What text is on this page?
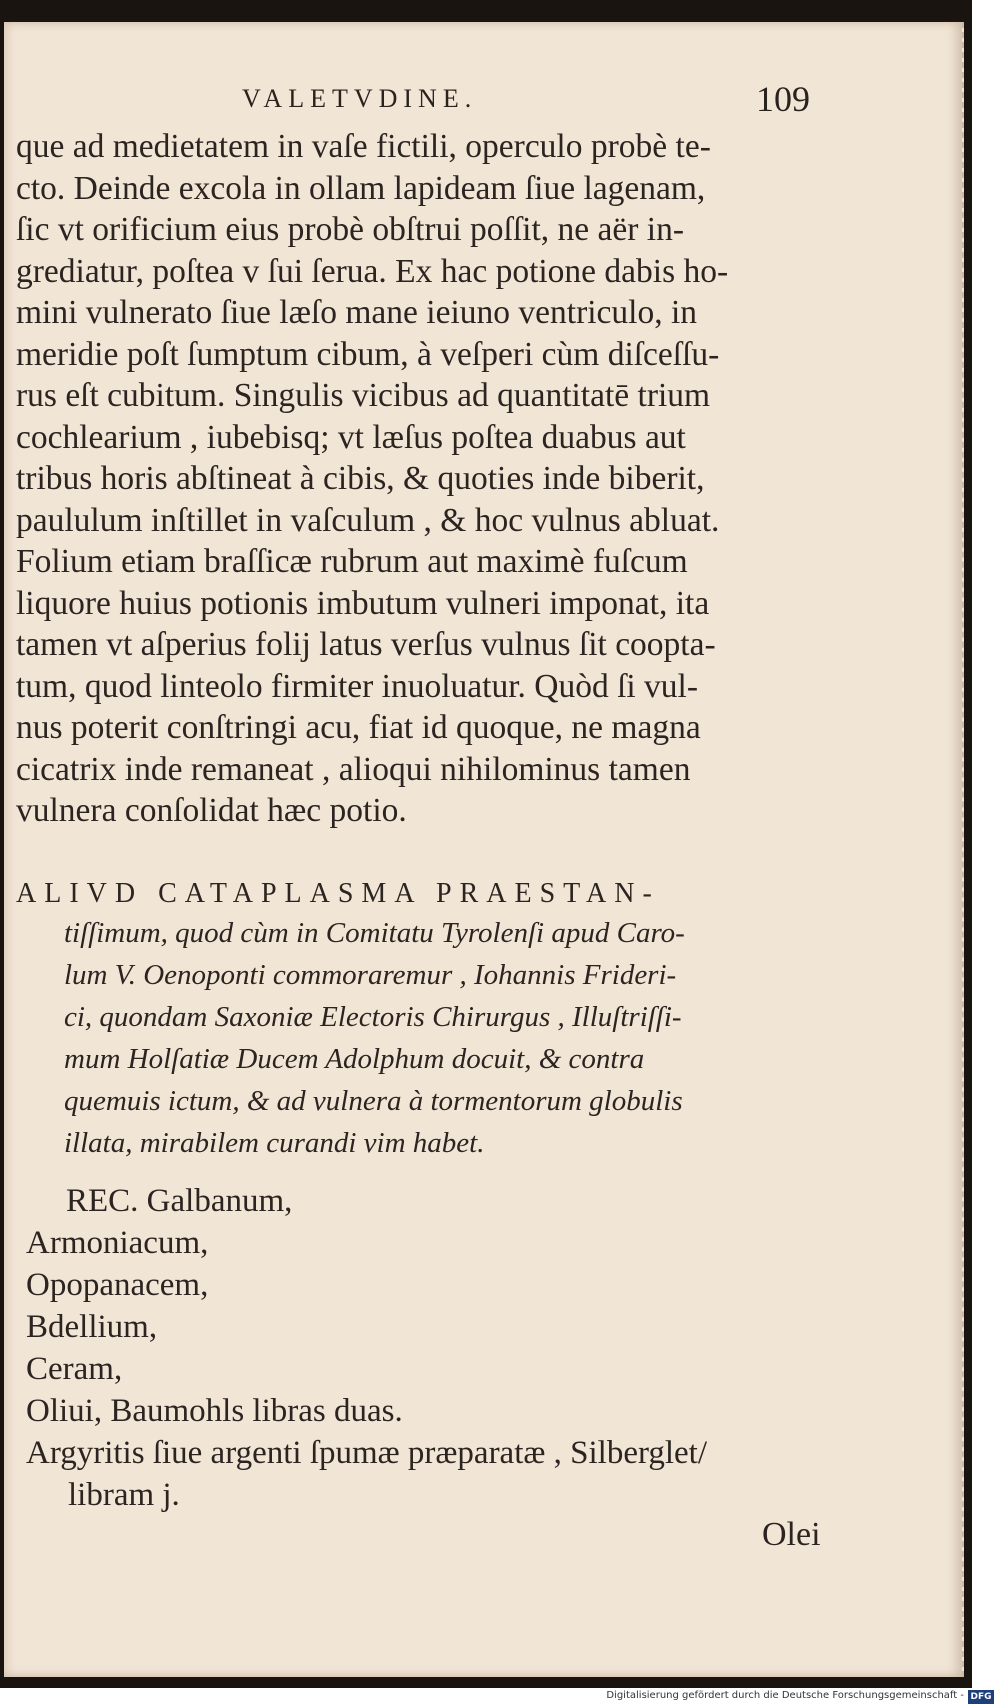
VALETVDINE.	109
que ad medietatem in vaſe fictili, operculo probè te-
cto. Deinde excola in ollam lapideam ſiue lagenam,
ſic vt orificium eius probè obſtrui poſſit, ne aër in-
grediatur, poſtea v ſui ſerua. Ex hac potione dabis ho-
mini vulnerato ſiue læſo mane ieiuno ventriculo, in
meridie poſt ſumptum cibum, à veſperi cùm diſceſſu-
rus eſt cubitum. Singulis vicibus ad quantitatē trium
cochlearium , iubebisq; vt læſus poſtea duabus aut
tribus horis abſtineat à cibis, & quoties inde biberit,
paululum inſtillet in vaſculum , & hoc vulnus abluat.
Folium etiam braſſicæ rubrum aut maximè fuſcum
liquore huius potionis imbutum vulneri imponat, ita
tamen vt aſperius folij latus verſus vulnus ſit coopta-
tum, quod linteolo firmiter inuoluatur. Quòd ſi vul-
nus poterit conſtringi acu, fiat id quoque, ne magna
cicatrix inde remaneat , alioqui nihilominus tamen
vulnera conſolidat hæc potio.
ALIVD CATAPLASMA PRAESTAN-
tiſſimum, quod cùm in Comitatu Tyrolenſi apud Caro-
lum V. Oenoponti commoraremur , Iohannis Frideri-
ci, quondam Saxoniæ Electoris Chirurgus , Illuſtriſſi-
mum Holſatiæ Ducem Adolphum docuit, & contra
quemuis ictum, & ad vulnera à tormentorum globulis
illata, mirabilem curandi vim habet.
REC. Galbanum,
Armoniacum,
Opopanacem,
Bdellium,
Ceram,
Oliui, Baumohls libras duas.
Argyritis ſiue argenti ſpumæ præparatæ , Silberglet/
libram j.
Olei
Digitalisierung gefördert durch die Deutsche Forschungsgemeinschaft - DFG
